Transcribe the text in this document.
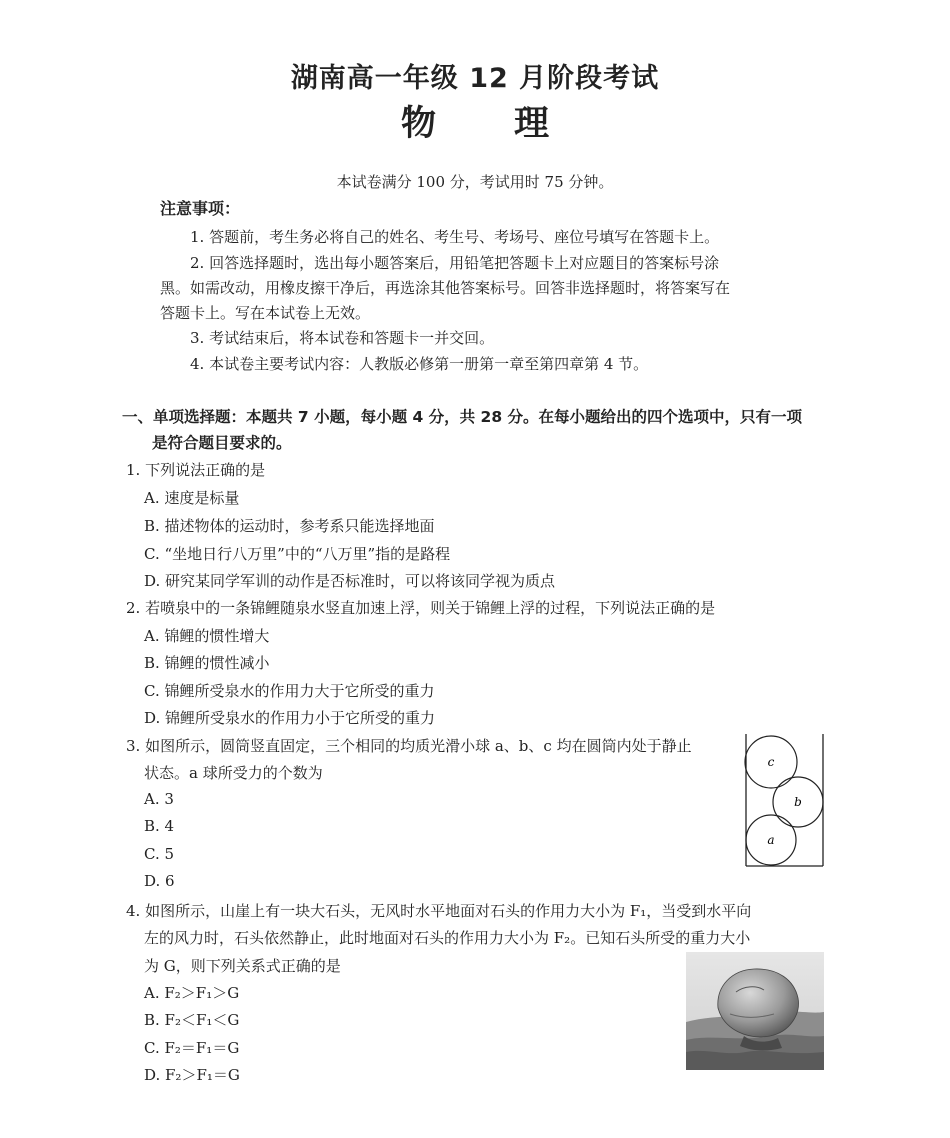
湖南高一年级 12 月阶段考试
物 理
本试卷满分 100 分，考试用时 75 分钟。
注意事项：
1. 答题前，考生务必将自己的姓名、考生号、考场号、座位号填写在答题卡上。
2. 回答选择题时，选出每小题答案后，用铅笔把答题卡上对应题目的答案标号涂
黑。如需改动，用橡皮擦干净后，再选涂其他答案标号。回答非选择题时，将答案写在
答题卡上。写在本试卷上无效。
3. 考试结束后，将本试卷和答题卡一并交回。
4. 本试卷主要考试内容：人教版必修第一册第一章至第四章第 4 节。
一、单项选择题：本题共 7 小题，每小题 4 分，共 28 分。在每小题给出的四个选项中，只有一项
是符合题目要求的。
1. 下列说法正确的是
A. 速度是标量
B. 描述物体的运动时，参考系只能选择地面
C. “坐地日行八万里”中的“八万里”指的是路程
D. 研究某同学军训的动作是否标准时，可以将该同学视为质点
2. 若喷泉中的一条锦鲤随泉水竖直加速上浮，则关于锦鲤上浮的过程，下列说法正确的是
A. 锦鲤的惯性增大
B. 锦鲤的惯性减小
C. 锦鲤所受泉水的作用力大于它所受的重力
D. 锦鲤所受泉水的作用力小于它所受的重力
3. 如图所示，圆筒竖直固定，三个相同的均质光滑小球 a、b、c 均在圆筒内处于静止
状态。a 球所受力的个数为
A. 3
B. 4
C. 5
D. 6
c
b
a
4. 如图所示，山崖上有一块大石头，无风时水平地面对石头的作用力大小为 F₁，当受到水平向
左的风力时，石头依然静止，此时地面对石头的作用力大小为 F₂。已知石头所受的重力大小
为 G，则下列关系式正确的是
A. F₂＞F₁＞G
B. F₂＜F₁＜G
C. F₂＝F₁＝G
D. F₂＞F₁＝G
